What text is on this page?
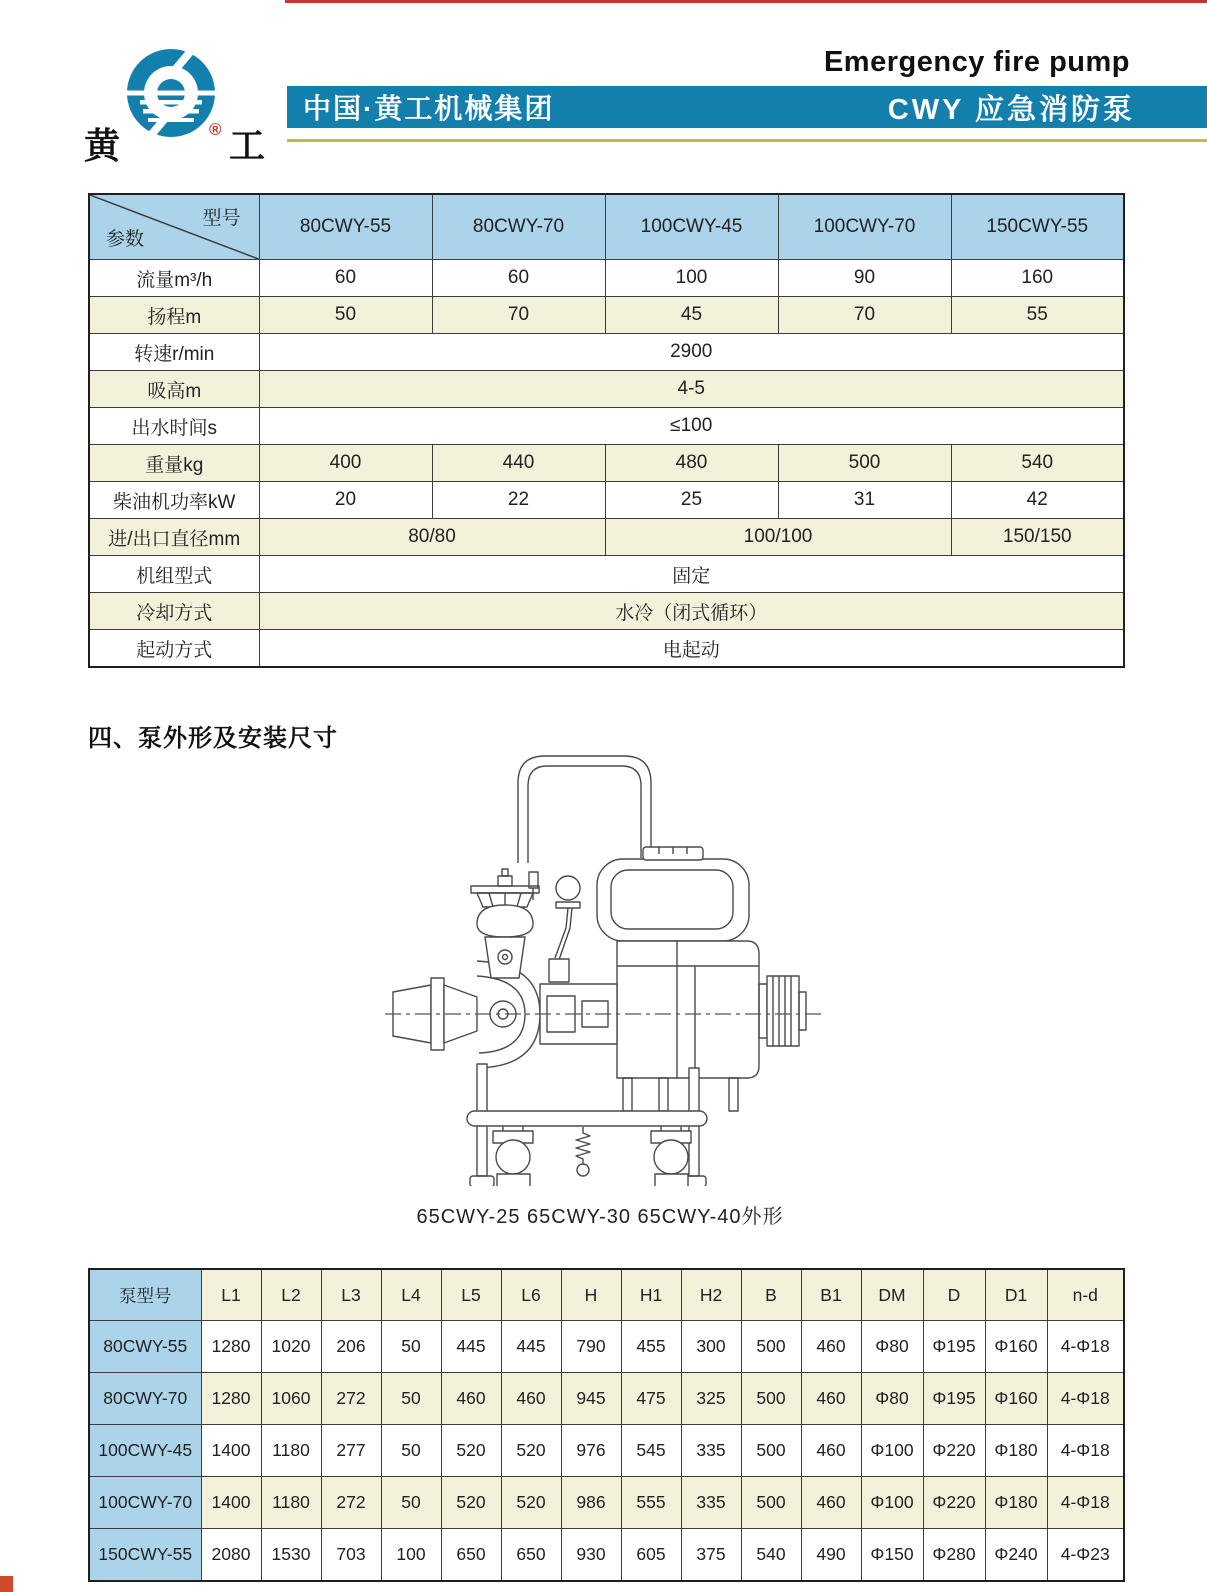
黄	工
®
Emergency fire pump
中国·黄工机械集团	CWY 应急消防泵
型号
参数	80CWY-55	80CWY-70	100CWY-45	100CWY-70	150CWY-55
流量m³/h	60	60	100	90	160
扬程m	50	70	45	70	55
转速r/min	2900				
吸高m	4-5				
出水时间s	≤100				
重量kg	400	440	480	500	540
柴油机功率kW	20	22	25	31	42
进/出口直径mm	80/80		100/100		150/150
机组型式	固定				
冷却方式	水冷（闭式循环）				
起动方式	电起动				
四、泵外形及安装尺寸
65CWY-25 65CWY-30 65CWY-40外形
泵型号	L1	L2	L3	L4	L5	L6	H	H1	H2	B	B1	DM	D	D1	n-d
80CWY-55	1280	1020	206	50	445	445	790	455	300	500	460	Φ80	Φ195	Φ160	4-Φ18
80CWY-70	1280	1060	272	50	460	460	945	475	325	500	460	Φ80	Φ195	Φ160	4-Φ18
100CWY-45	1400	1180	277	50	520	520	976	545	335	500	460	Φ100	Φ220	Φ180	4-Φ18
100CWY-70	1400	1180	272	50	520	520	986	555	335	500	460	Φ100	Φ220	Φ180	4-Φ18
150CWY-55	2080	1530	703	100	650	650	930	605	375	540	490	Φ150	Φ280	Φ240	4-Φ23
